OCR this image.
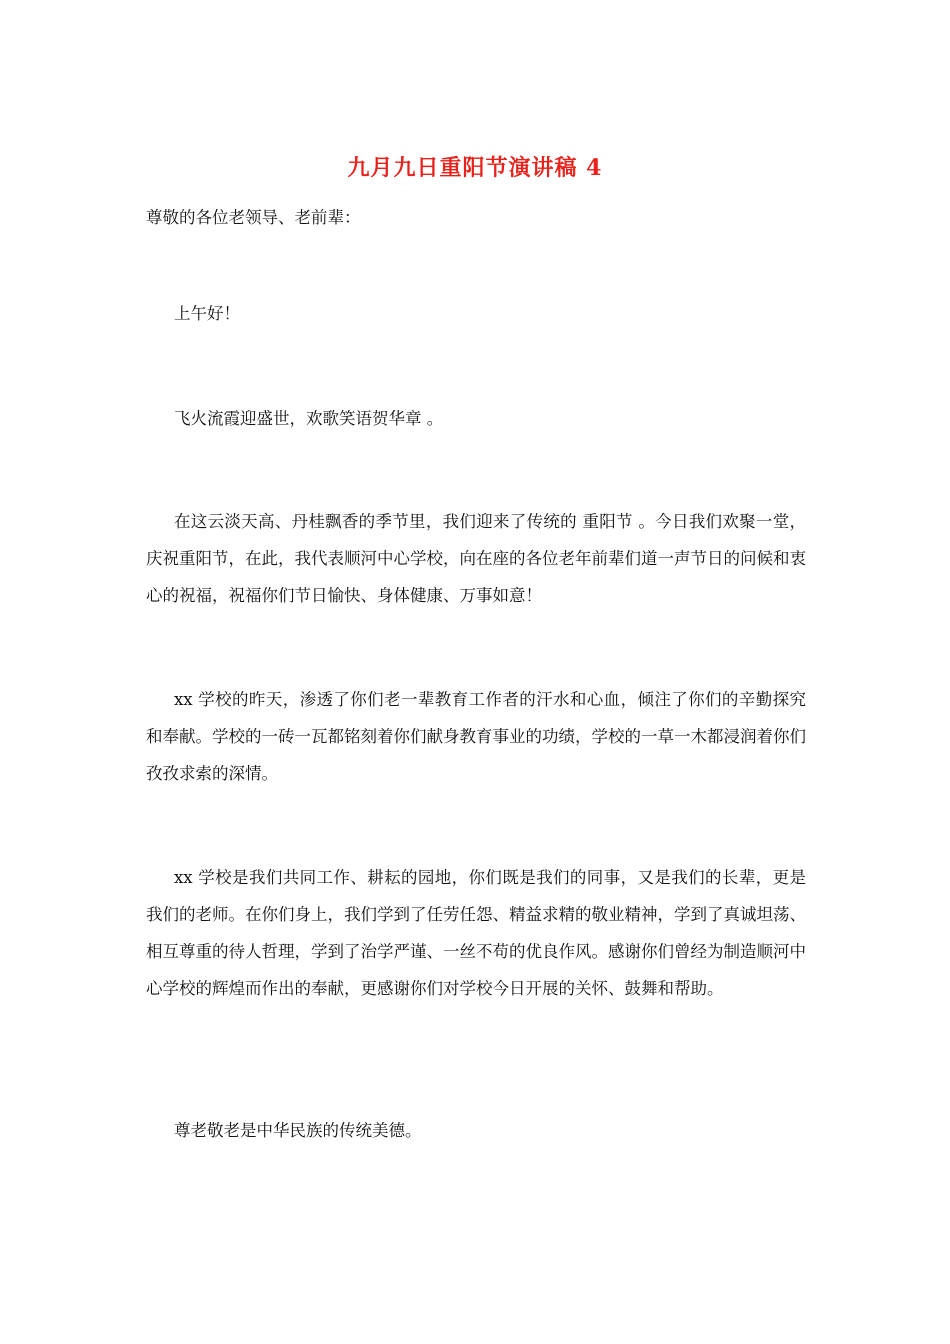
九月九日重阳节演讲稿 4

尊敬的各位老领导、老前辈：

上午好！

飞火流霞迎盛世，欢歌笑语贺华章 。

在这云淡天高、丹桂飘香的季节里，我们迎来了传统的 重阳节 。今日我们欢聚一堂，庆祝重阳节，在此，我代表顺河中心学校，向在座的各位老年前辈们道一声节日的问候和衷心的祝福，祝福你们节日愉快、身体健康、万事如意！

xx 学校的昨天，渗透了你们老一辈教育工作者的汗水和心血，倾注了你们的辛勤探究和奉献。学校的一砖一瓦都铭刻着你们献身教育事业的功绩，学校的一草一木都浸润着你们孜孜求索的深情。

xx 学校是我们共同工作、耕耘的园地，你们既是我们的同事，又是我们的长辈，更是我们的老师。在你们身上，我们学到了任劳任怨、精益求精的敬业精神，学到了真诚坦荡、相互尊重的待人哲理，学到了治学严谨、一丝不苟的优良作风。感谢你们曾经为制造顺河中心学校的辉煌而作出的奉献，更感谢你们对学校今日开展的关怀、鼓舞和帮助。

尊老敬老是中华民族的传统美德。
